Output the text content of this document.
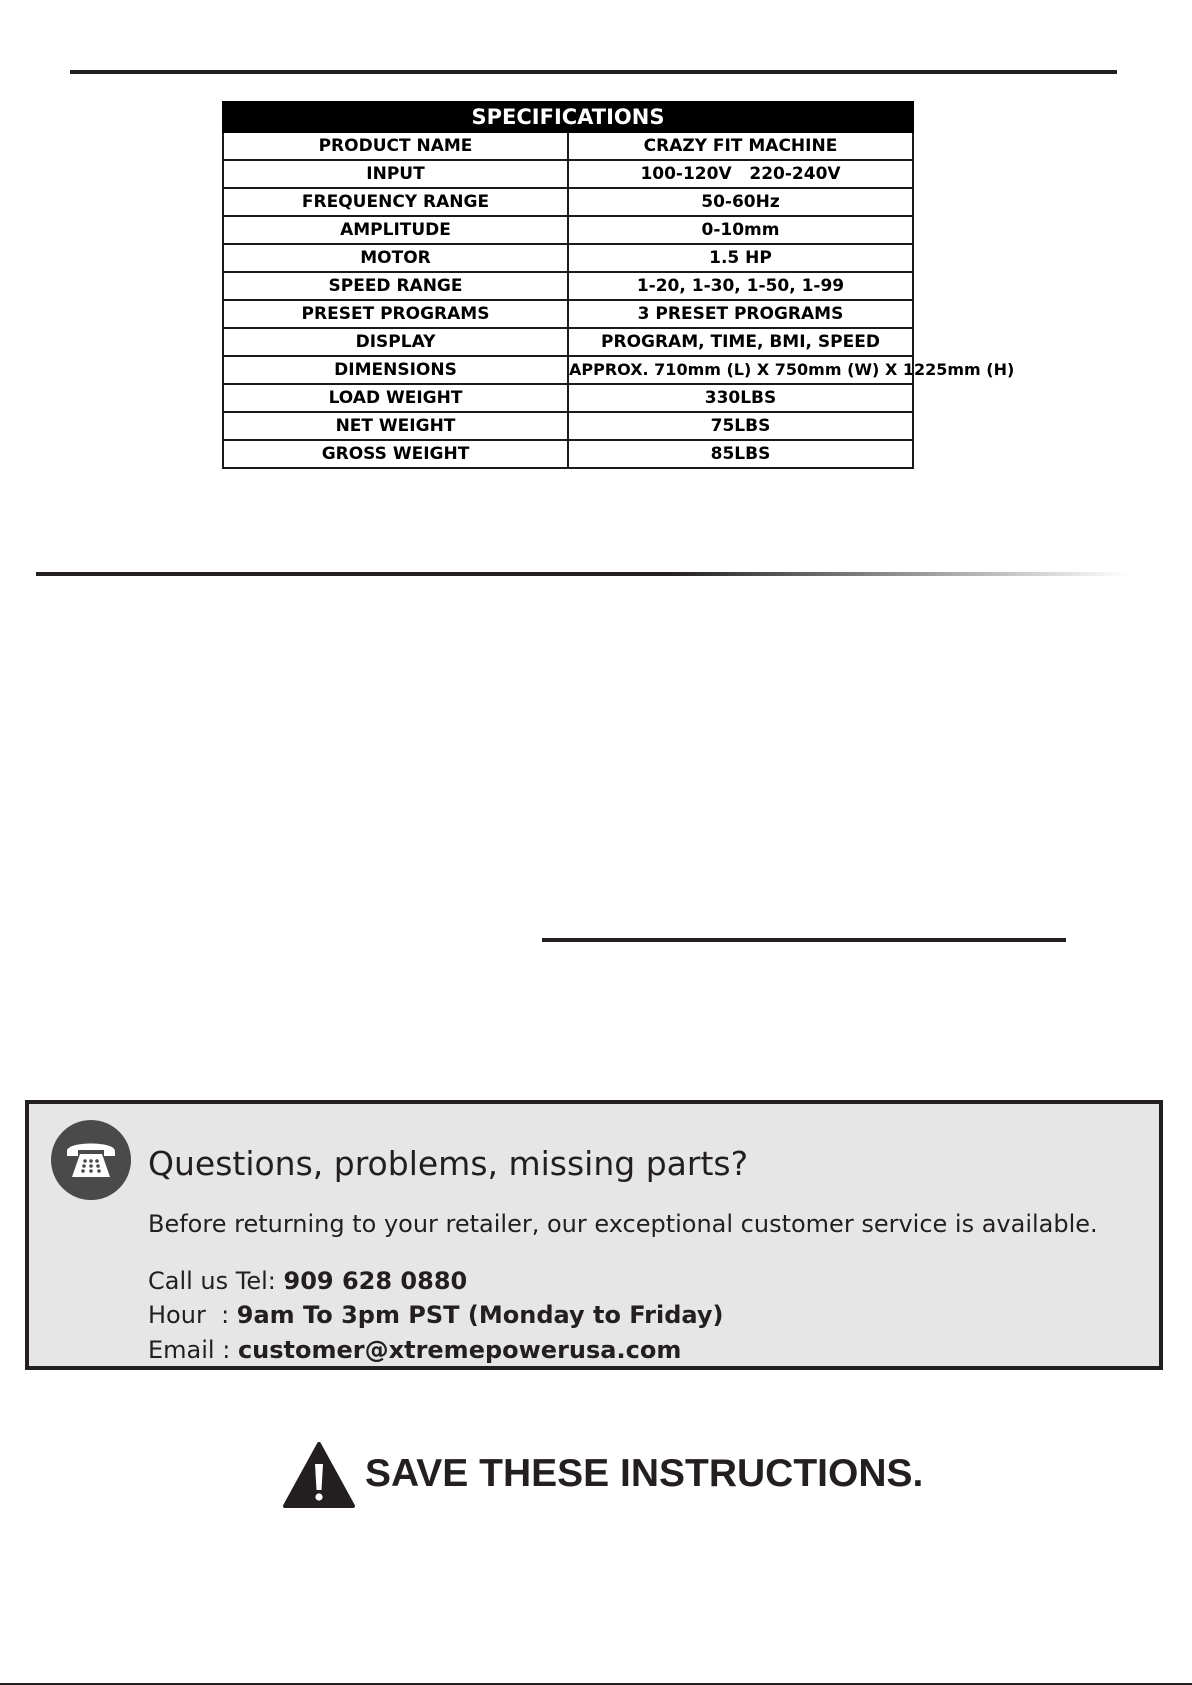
SPECIFICATIONS	
PRODUCT NAME	CRAZY FIT MACHINE
INPUT	100-120V   220-240V
FREQUENCY RANGE	50-60Hz
AMPLITUDE	0-10mm
MOTOR	1.5 HP
SPEED RANGE	1-20, 1-30, 1-50, 1-99
PRESET PROGRAMS	3 PRESET PROGRAMS
DISPLAY	PROGRAM, TIME, BMI, SPEED
DIMENSIONS	APPROX. 710mm (L) X 750mm (W) X 1225mm (H)
LOAD WEIGHT	330LBS
NET WEIGHT	75LBS
GROSS WEIGHT	85LBS
Questions, problems, missing parts?
Before returning to your retailer, our exceptional customer service is available.
Call us Tel: 909 628 0880
Hour  : 9am To 3pm PST (Monday to Friday)
Email : customer@xtremepowerusa.com
SAVE THESE INSTRUCTIONS.
